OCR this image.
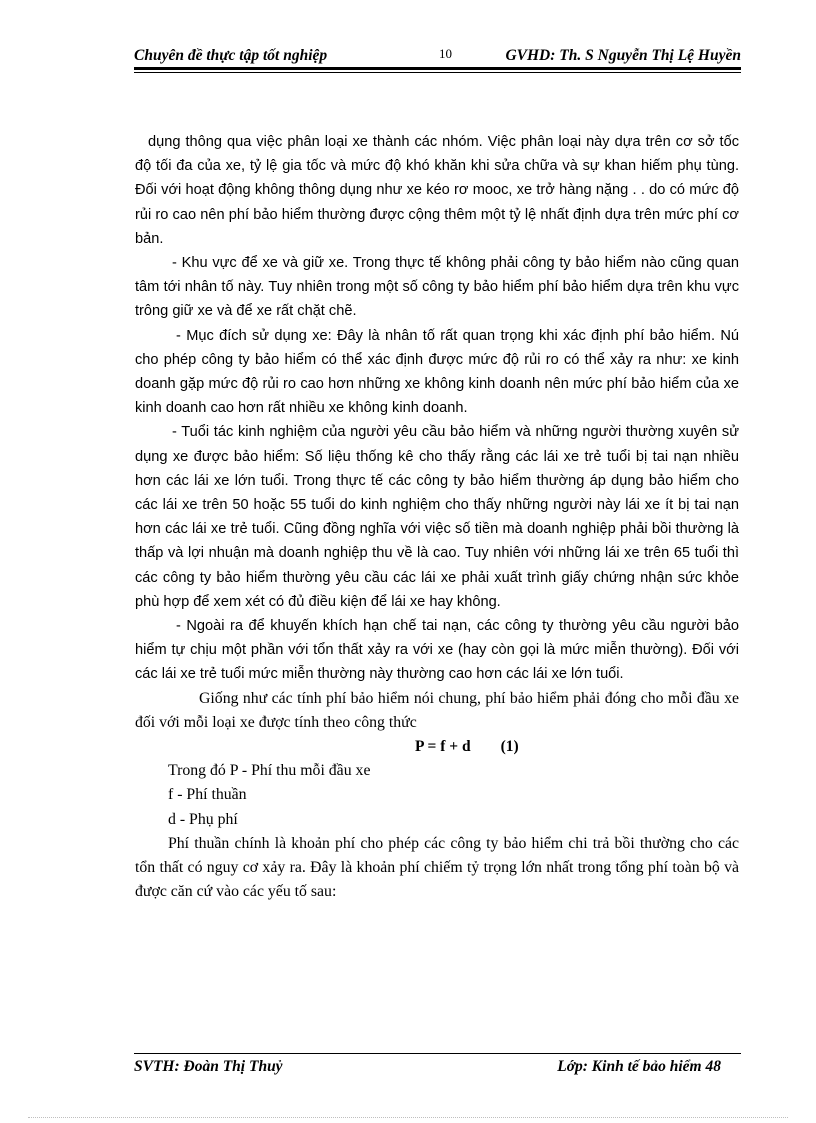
Chuyên đề thực tập tốt nghiệp	10	GVHD: Th. S Nguyễn Thị Lệ Huyền

dụng thông qua việc phân loại xe thành các nhóm. Việc phân loại này dựa trên cơ sở tốc độ tối đa của xe, tỷ lệ gia tốc và mức độ khó khăn khi sửa chữa và sự khan hiếm phụ tùng. Đối với hoạt động không thông dụng như xe kéo rơ mooc, xe trở hàng nặng . . do có mức độ rủi ro cao nên phí bảo hiểm thường được cộng thêm một tỷ lệ nhất định dựa trên mức phí cơ bản.

- Khu vực để xe và giữ xe. Trong thực tế không phải công ty bảo hiểm nào cũng quan tâm tới nhân tố này. Tuy nhiên trong một số công ty bảo hiểm phí bảo hiểm dựa trên khu vực trông giữ xe và để xe rất chặt chẽ.

- Mục đích sử dụng xe: Đây là nhân tố rất quan trọng khi xác định phí bảo hiểm. Nú cho phép công ty bảo hiểm có thể xác định được mức độ rủi ro có thể xảy ra như: xe kinh doanh gặp mức độ rủi ro cao hơn những xe không kinh doanh nên mức phí bảo hiểm của xe kinh doanh cao hơn rất nhiều xe không kinh doanh.

- Tuổi tác kinh nghiệm của người yêu cầu bảo hiểm và những người thường xuyên sử dụng xe được bảo hiểm: Số liệu thống kê cho thấy rằng các lái xe trẻ tuổi bị tai nạn nhiều hơn các lái xe lớn tuổi. Trong thực tế các công ty bảo hiểm thường áp dụng bảo hiểm cho các lái xe trên 50 hoặc 55 tuổi do kinh nghiệm cho thấy những người này lái xe ít bị tai nạn hơn các lái xe trẻ tuổi. Cũng đồng nghĩa với việc số tiền mà doanh nghiệp phải bồi thường là thấp và lợi nhuận mà doanh nghiệp thu về là cao. Tuy nhiên với những lái xe trên 65 tuổi thì các công ty bảo hiểm thường yêu cầu các lái xe phải xuất trình giấy chứng nhận sức khỏe phù hợp để xem xét có đủ điều kiện để lái xe hay không.

- Ngoài ra để khuyến khích hạn chế tai nạn, các công ty thường yêu cầu người bảo hiểm tự chịu một phần với tổn thất xảy ra với xe (hay còn gọi là mức miễn thường). Đối với các lái xe trẻ tuổi mức miễn thường này thường cao hơn các lái xe lớn tuổi.

Giống như các tính phí bảo hiểm nói chung, phí bảo hiểm phải đóng cho mỗi đầu xe đối với mỗi loại xe được tính theo công thức

P = f + d (1)

Trong đó P - Phí thu mỗi đầu xe

f - Phí thuần

d - Phụ phí

Phí thuần chính là khoản phí cho phép các công ty bảo hiểm chi trả bồi thường cho các tổn thất có nguy cơ xảy ra. Đây là khoản phí chiếm tỷ trọng lớn nhất trong tổng phí toàn bộ và được căn cứ vào các yếu tố sau:

SVTH: Đoàn Thị Thuỷ	Lớp: Kinh tế bảo hiểm 48
